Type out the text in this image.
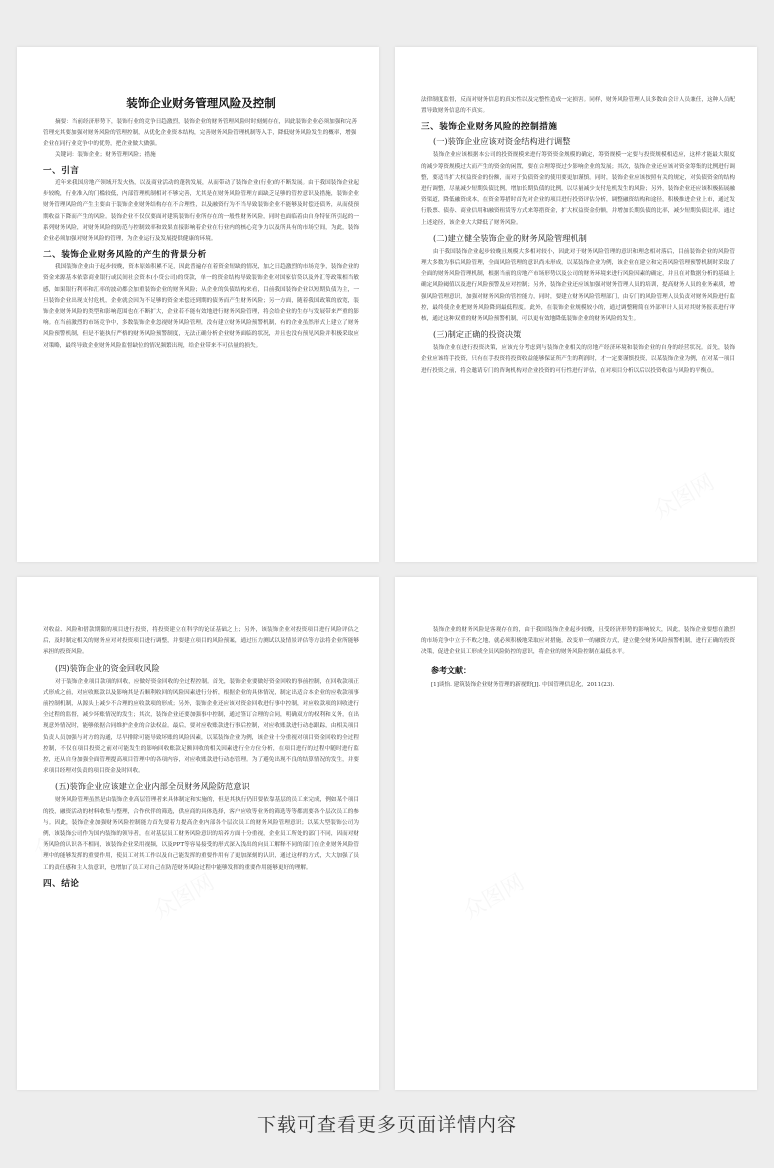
装饰企业财务管理风险及控制

摘要：当前经济形势下，装饰行业的竞争日趋激烈，装饰企业的财务管理风险时时刻刻存在，因此装饰企业必须加强和完善管理充其要加强对财务风险的管理控制，从优化企业资本结构，完善财务风险管理机制等入手，降低财务风险发生的概率，增强企业在同行业竞争中的优势，把企业做大做强。

关键词：装饰企业；财务管理风险；措施

一、引言

近年来我国房地产领域开发火热，以及商业活动的蓬勃发展，从而带动了装饰企业(行业)的不断发展。由于我国装饰企业起步较晚，行业准入的门槛较低，内部管理机制相对不够完善，尤其是在财务风险管理方面缺乏足够的管控意识及措施，装饰企业财务管理风险的产生主要由于装饰企业财务结构存在不合理性，以及融资行为不当导致装饰企业不能够及时偿还债务，从而使预期收益下降而产生的风险。装饰企业不仅仅要面对建筑装饰行业所存在的一般性财务风险，同时也面临着由自身特征所引起的一系列财务风险，对财务风险的防范与控制效率和效果直接影响着企业在行业内的核心竞争力以及所具有的市场空间，为此，装饰企业必须加强对财务风险的管理，为企业运行及发展提供健康的环境。

二、装饰企业财务风险的产生的背景分析

我国装饰企业由于起步较晚，资本原始积累不足，因此普遍存在着资金短缺的情况，加之日趋激烈的市场竞争，装饰企业的资金来源基本依靠商业银行或民间社会资本(小贷公司)的贷款，单一的资金结构导致装饰企业对国家信贷以及外汇等政策相当敏感，如果银行利率和汇率的波动都会加重装饰企业的财务风险；从企业的负债结构来看，目前我国装饰企业以短期负债为主，一旦装饰企业出现支付危机，企业就会因为不足够的资金来偿还到期的债务而产生财务风险；另一方面，随着我国政策的放宽，装饰企业财务风险的类型和影响范围也在不断扩大，企业若不能有效地进行财务风险管理，将会给企业的生存与发展带来严重的影响。在当前激烈的市场竞争中，多数装饰企业忽视财务风险管理，没有建立财务风险预警机制，有的企业虽然形式上建立了财务风险预警机制，但是不能执行严格的财务风险预警制度，无法正确分析企业财务面临的状况，并且也没有预见风险并积极采取应对策略，最终导致企业财务风险监督缺位的情况频繁出现，给企业带来不可估量的损失。

法律制度监督，反而对财务信息的真实性以及完整性造成一定损害。同样，财务风险管理人员多数由会计人员兼任，这种人员配置导致财务信息的不真实。

三、装饰企业财务风险的控制措施
(一)装饰企业应该对资金结构进行调整

装饰企业应该根据本公司的投资规模来进行筹资资金规模的确定，筹资规模一定要与投资规模相适应，这样才能最大限度的减少筹资规模过大而产生的资金的闲置，要在合理筹资过少影响企业的发展；其次，装饰企业还应该对资金筹集的比例进行调整，要适当扩大权益资金的份额，而对于负债资金的使用要更加谨慎。同时，装饰企业应该按照有关的规定，对负债资金的结构进行调整，尽量减少短期负债比例，增加长期负债的比例，以尽量减少支付危机发生的风险；另外，装饰企业还应该积极拓展融资渠道，降低融资成本，在资金筹措时首先对企业的项目进行投资评估分析，调整融资结构和途径，积极推进企业上市，通过发行股票、债券、商业信用和融资租赁等方式来筹措资金，扩大权益资金份额，并增加长期负债的比率，减少短期负债比率，通过上述途径，该企业大大降低了财务风险。

(二)建立健全装饰企业的财务风险管理机制

由于我国装饰企业起步较晚且规模大多相对较小，因此对于财务风险管理的意识和理念相对落后，目前装饰企业的风险管理大多数为事后风险管理，全面风险管理的意识尚未形成，以某装饰企业为例，该企业在建立和完善风险管理预警机制时采取了全面的财务风险管理机制，根据当前的房地产市场形势以及公司的财务环境来进行风险因素的确定，并且在对数据分析的基础上确定风险阈值以及进行风险预警及应对控制；另外，装饰企业还应该加强对财务管理人员的培训，提高财务人员的业务素质，增强风险管理意识，加强对财务风险的管控能力，同时，要建立财务风险管理部门，由专门的风险管理人员负责对财务风险进行监控，最终使企业把财务风险降到最低程度。此外，在装饰企业规模较小的，通过调整精简在外部审计人员对其财务报表进行审核，通过这种双重的财务风险预警机制，可以更有效地降低装饰企业的财务风险的发生。

(三)制定正确的投资决策

装饰企业在进行投资决策，应该充分考虑到与装饰企业相关的房地产经济环境和装饰企业的自身的经营状况。首先，装饰企业应该将手投资，只有在手投资将投资收益能够保证所产生的利润时，才一定要谨慎投资，以某装饰企业为例，在对某一项目进行投资之前，将会邀请专门的咨询机构对企业投资的可行性进行评估，在对项目分析以后以投资收益与风险的平衡点。

对收益、风险和借款期限的项目进行投资，将投资建立在科学的论证基础之上；另外，该装饰企业对投资项目进行风险评估之后，及时制定相关的财务应对对投资项目进行调整，并要建立项目的风险预案，通过压力测试以及情景评估等方法将企业所能够承担的投资风险。

(四)装饰企业的资金回收风险

对于装饰企业项目款项的回收，应做好资金回收的全过程控制。首先，装饰企业要做好资金回收的事前控制，在回收款项正式形成之前，对应收账款以及影响其是否顺利收回的风险因素进行分析，根据企业的具体情况，制定出适合本企业的应收款项事前控制机制，从源头上减少不合理的应收款项的形成；另外，装饰企业还应该对资金回收进行事中控制，对应收款项的回收进行全过程的监督，减少坏账情况的发生；其次，装饰企业还要加强事中控制，通过签订合理的合同，明确双方的权利和义务，在出现意外情况时，能够依据合同维护企业的合法权益。最后，要对应收账款进行事后控制，对应收账款进行动态跟踪，由相关项目负责人员加强与对方的沟通，尽早排除可能导致坏账的风险因素，以某装饰企业为例，该企业十分重视对项目资金回收的全过程控制，不仅在项目投资之前对可能发生的影响回收账款足额回收的相关因素进行全方位分析，在项目进行的过程中随时进行监控，还从自身加强全面管理提高项目管理中的各项内容，对应收账款进行动态管理。为了避免出现不良的结算情况的发生，并要求项目经理对负责的项目资金及时回收。

(五)装饰企业应该建立企业内部全员财务风险防范意识

财务风险管理虽然是由装饰企业高层管理者来具体制定和实施的，但是其执行仍旧要依靠基层的员工来完成，例如某个项目的投，融资活动的材料收集与整理，合作伙伴的筛选，供应商的具体选择，客户应收等业务的筛选等等都需要各个层次员工的参与。因此，装饰企业加强财务风险控制能力首先要着力提高企业内部各个层次员工的财务风险管理意识；以某大型装饰公司为例，该装饰公司作为国内装饰的领导者，在对基层员工财务风险意识的培养方面十分重视，企业员工所处的部门不同，因而对财务风险的认识各不相同，该装饰企业采用视频，以及PPT等容易接受的形式深入浅出的向员工解释不同的部门在企业财务风险管理中的能够发挥的重要作用，使员工对其工作以及自己能发挥的重要作用有了更加深刻的认识，通过这样的方式，大大加强了员工的责任感和主人翁意识，也增加了员工对自己在防范财务风险过程中能够发挥的重要作用能够更好的理解。

四、结论

装饰企业的财务风险是客观存在的，由于我国装饰企业起步较晚，且受经济形势的影响较大，因此，装饰企业要想在激烈的市场竞争中立于不败之地，就必须积极地采取应对措施，改变单一的融资方式，建立健全财务风险预警机制，进行正确的投资决策，促进企业员工形成全员风险防控的意识，将企业的财务风险控制在最低水平。

参考文献：

[1]谈怡. 建筑装饰企业财务管理的新视野[J]. 中国管理信息化，2011(23).

下载可查看更多页面详情内容
